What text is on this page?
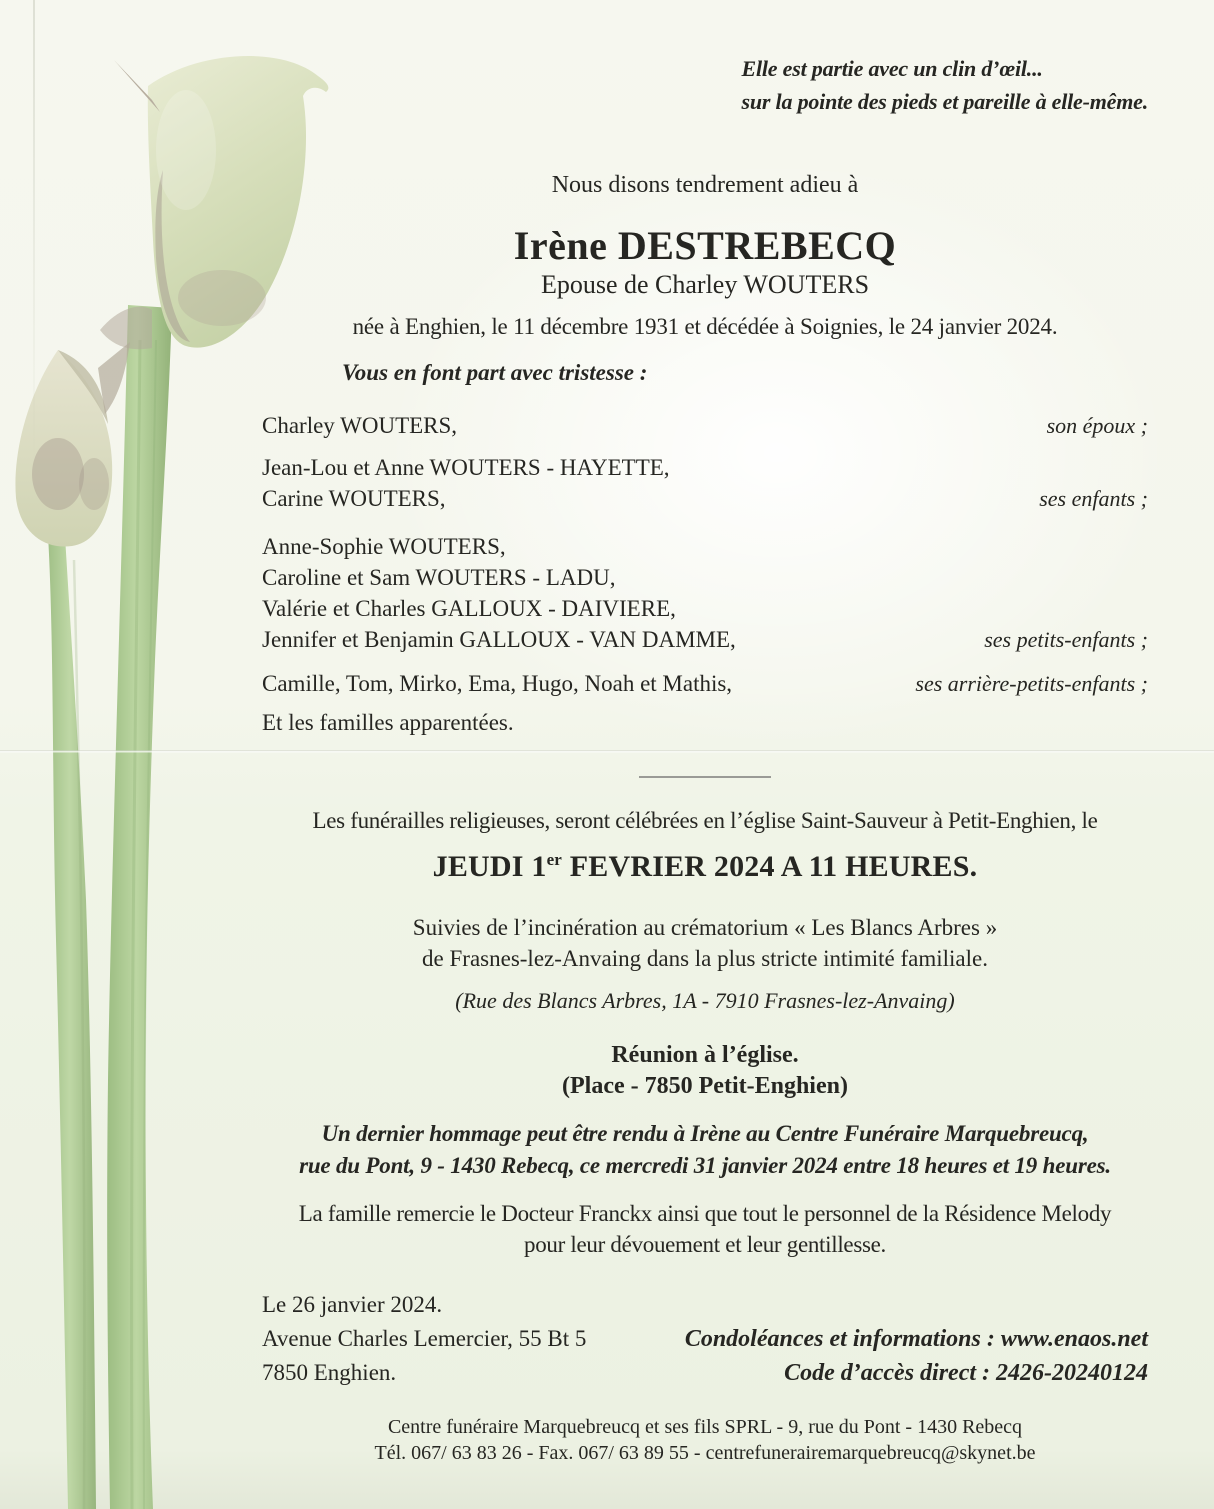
Elle est partie avec un clin d’œil...
sur la pointe des pieds et pareille à elle-même.
Nous disons tendrement adieu à
Irène DESTREBECQ
Epouse de Charley WOUTERS
née à Enghien, le 11 décembre 1931 et décédée à Soignies, le 24 janvier 2024.
Vous en font part avec tristesse :

Charley WOUTERS,	son époux ;

Jean-Lou et Anne WOUTERS - HAYETTE,

Carine WOUTERS,	ses enfants ;

Anne-Sophie WOUTERS,

Caroline et Sam WOUTERS - LADU,

Valérie et Charles GALLOUX - DAIVIERE,

Jennifer et Benjamin GALLOUX - VAN DAMME,	ses petits-enfants ;

Camille, Tom, Mirko, Ema, Hugo, Noah et Mathis,	ses arrière-petits-enfants ;
Et les familles apparentées.
Les funérailles religieuses, seront célébrées en l’église Saint-Sauveur à Petit-Enghien, le
JEUDI 1er FEVRIER 2024 A 11 HEURES.
Suivies de l’incinération au crématorium « Les Blancs Arbres »
de Frasnes-lez-Anvaing dans la plus stricte intimité familiale.
(Rue des Blancs Arbres, 1A - 7910 Frasnes-lez-Anvaing)
Réunion à l’église.
(Place - 7850 Petit-Enghien)
Un dernier hommage peut être rendu à Irène au Centre Funéraire Marquebreucq,
rue du Pont, 9 - 1430 Rebecq, ce mercredi 31 janvier 2024 entre 18 heures et 19 heures.
La famille remercie le Docteur Franckx ainsi que tout le personnel de la Résidence Melody
pour leur dévouement et leur gentillesse.

Le 26 janvier 2024.

Avenue Charles Lemercier, 55 Bt 5

7850 Enghien.

Condoléances et informations : www.enaos.net

Code d’accès direct : 2426-20240124

Centre funéraire Marquebreucq et ses fils SPRL - 9, rue du Pont - 1430 Rebecq

Tél. 067/ 63 83 26 - Fax. 067/ 63 89 55 - centrefunerairemarquebreucq@skynet.be
